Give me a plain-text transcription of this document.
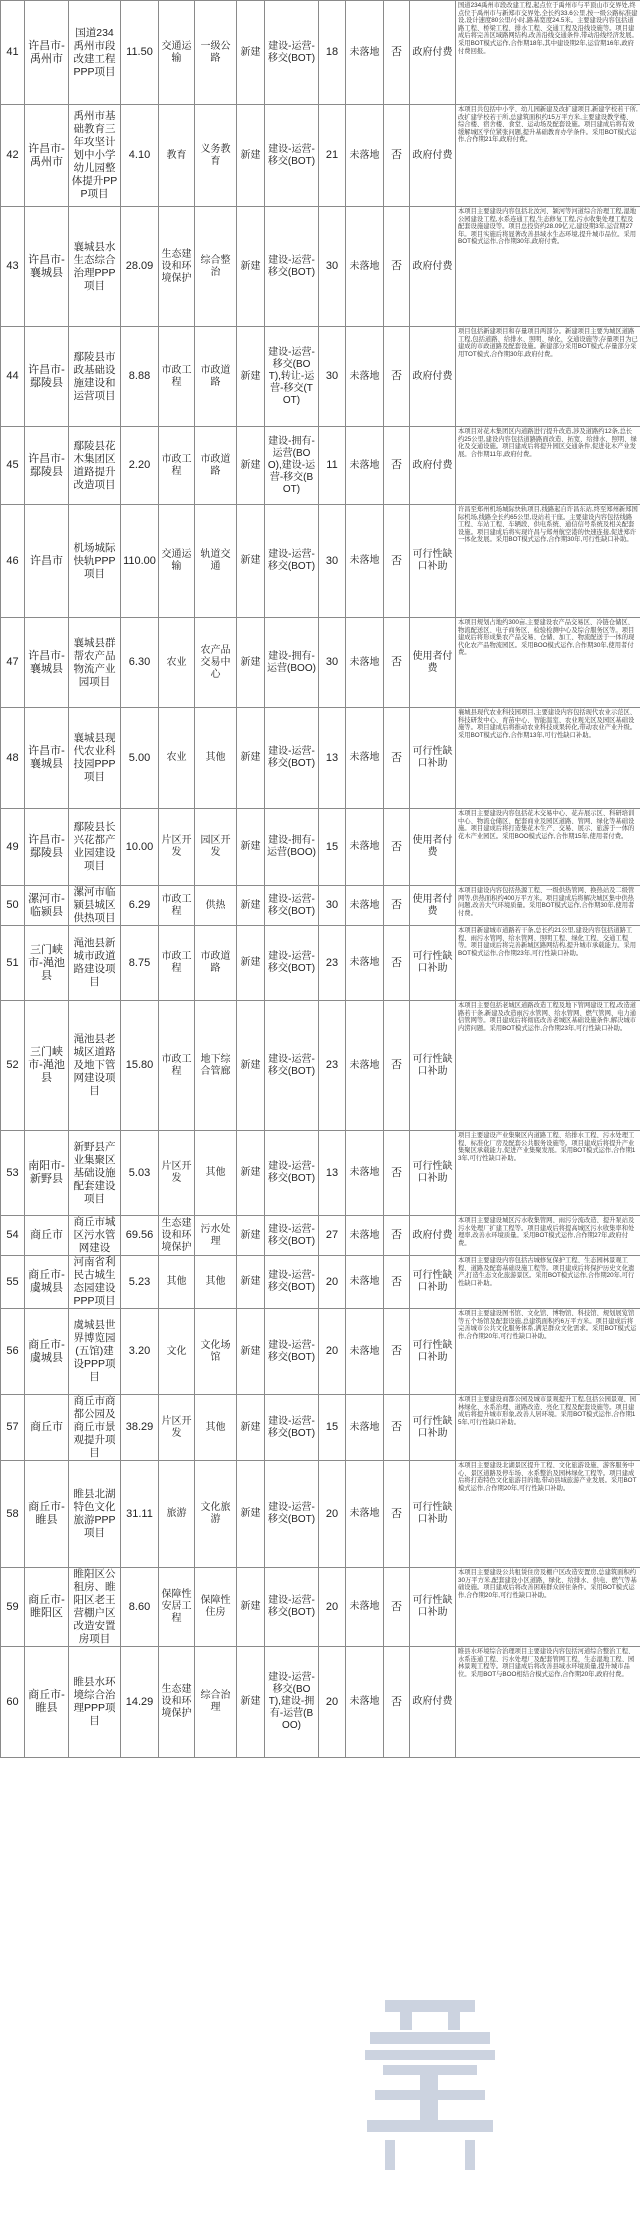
41	许昌市-禹州市	国道234禹州市段改建工程PPP项目	11.50	交通运输	一级公路	新建	建设-运营-移交(BOT)	18	未落地	否	政府付费	国道234禹州市段改建工程,起点位于禹州市与平顶山市交界处,终点位于禹州市与新郑市交界处,全长约33.6公里,按一级公路标准建设,设计速度80公里/小时,路基宽度24.5米。主要建设内容包括道路工程、桥梁工程、排水工程、交通工程及沿线设施等。项目建成后将完善区域路网结构,改善沿线交通条件,带动沿线经济发展。采用BOT模式运作,合作期18年,其中建设期2年,运营期16年,政府付费回报。
42	许昌市-禹州市	禹州市基础教育三年攻坚计划中小学幼儿园整体提升PPP项目	4.10	教育	义务教育	新建	建设-运营-移交(BOT)	21	未落地	否	政府付费	本项目共包括中小学、幼儿园新建及改扩建项目,新建学校若干所,改扩建学校若干所,总建筑面积约15万平方米,主要建设教学楼、综合楼、宿舍楼、食堂、运动场及配套设施。项目建成后将有效缓解城区学位紧张问题,提升基础教育办学条件。采用BOT模式运作,合作期21年,政府付费。
43	许昌市-襄城县	襄城县水生态综合治理PPP项目	28.09	生态建设和环境保护	综合整治	新建	建设-运营-移交(BOT)	30	未落地	否	政府付费	本项目主要建设内容包括北汝河、颍河等河道综合治理工程,湿地公园建设工程,水系连通工程,生态修复工程,污水收集处理工程及配套设施建设等。项目总投资约28.09亿元,建设期3年,运营期27年。项目实施后将显著改善县域水生态环境,提升城市品位。采用BOT模式运作,合作期30年,政府付费。
44	许昌市-鄢陵县	鄢陵县市政基础设施建设和运营项目	8.88	市政工程	市政道路	新建	建设-运营-移交(BOT),转让-运营-移交(TOT)	30	未落地	否	政府付费	项目包括新建项目和存量项目两部分。新建项目主要为城区道路工程,包括道路、给排水、照明、绿化、交通设施等;存量项目为已建成的市政道路及配套设施。新建部分采用BOT模式,存量部分采用TOT模式,合作期30年,政府付费。
45	许昌市-鄢陵县	鄢陵县花木集团区道路提升改造项目	2.20	市政工程	市政道路	新建	建设-拥有-运营(BOO),建设-运营-移交(BOT)	11	未落地	否	政府付费	本项目对花木集团区内道路进行提升改造,涉及道路约12条,总长约25公里,建设内容包括道路路面改造、拓宽、给排水、照明、绿化及交通设施。项目建成后将提升园区交通条件,促进花木产业发展。合作期11年,政府付费。
46	许昌市	机场城际快轨PPP项目	110.00	交通运输	轨道交通	新建	建设-运营-移交(BOT)	30	未落地	否	可行性缺口补助	许昌至郑州机场城际快轨项目,线路起自许昌东站,终至郑州新郑国际机场,线路全长约65公里,设站若干座。主要建设内容包括线路工程、车站工程、车辆段、供电系统、通信信号系统及相关配套设施。项目建成后将实现许昌与郑州航空港的快速连接,促进郑许一体化发展。采用BOT模式运作,合作期30年,可行性缺口补助。
47	许昌市-襄城县	襄城县群帮农产品物流产业园项目	6.30	农业	农产品交易中心	新建	建设-拥有-运营(BOO)	30	未落地	否	使用者付费	本项目规划占地约300亩,主要建设农产品交易区、冷链仓储区、物流配送区、电子商务区、检验检测中心及综合服务区等。项目建成后将形成集农产品交易、仓储、加工、物流配送于一体的现代化农产品物流园区。采用BOO模式运作,合作期30年,使用者付费。
48	许昌市-襄城县	襄城县现代农业科技园PPP项目	5.00	农业	其他	新建	建设-运营-移交(BOT)	13	未落地	否	可行性缺口补助	襄城县现代农业科技园项目,主要建设内容包括现代农业示范区、科技研发中心、育苗中心、智能温室、农业观光区及园区基础设施等。项目建成后将推动农业科技成果转化,带动农业产业升级。采用BOT模式运作,合作期13年,可行性缺口补助。
49	许昌市-鄢陵县	鄢陵县长兴花都产业园建设项目	10.00	片区开发	园区开发	新建	建设-拥有-运营(BOO)	15	未落地	否	使用者付费	本项目主要建设内容包括花木交易中心、花卉展示区、科研培训中心、物流仓储区、配套商业及园区道路、管网、绿化等基础设施。项目建成后将打造集花木生产、交易、展示、旅游于一体的花木产业园区。采用BOO模式运作,合作期15年,使用者付费。
50	漯河市-临颍县	漯河市临颍县城区供热项目	6.29	市政工程	供热	新建	建设-运营-移交(BOT)	30	未落地	否	使用者付费	本项目建设内容包括热源工程、一级供热管网、换热站及二级管网等,供热面积约400万平方米。项目建成后将解决城区集中供热问题,改善大气环境质量。采用BOT模式运作,合作期30年,使用者付费。
51	三门峡市-渑池县	渑池县新城市政道路建设项目	8.75	市政工程	市政道路	新建	建设-运营-移交(BOT)	23	未落地	否	可行性缺口补助	本项目新建城市道路若干条,总长约21公里,建设内容包括道路工程、雨污水管网、给水管网、照明工程、绿化工程、交通工程等。项目建成后将完善新城区路网结构,提升城市承载能力。采用BOT模式运作,合作期23年,可行性缺口补助。
52	三门峡市-渑池县	渑池县老城区道路及地下管网建设项目	15.80	市政工程	地下综合管廊	新建	建设-运营-移交(BOT)	23	未落地	否	可行性缺口补助	本项目主要包括老城区道路改造工程及地下管网建设工程,改造道路若干条,新建及改造雨污水管网、给水管网、燃气管网、电力通信管网等。项目建成后将彻底改善老城区基础设施条件,解决城市内涝问题。采用BOT模式运作,合作期23年,可行性缺口补助。
53	南阳市-新野县	新野县产业集聚区基础设施配套建设项目	5.03	片区开发	其他	新建	建设-运营-移交(BOT)	13	未落地	否	可行性缺口补助	项目主要建设产业集聚区内道路工程、给排水工程、污水处理工程、标准化厂房及配套公共服务设施等。项目建成后将提升产业集聚区承载能力,促进产业集聚发展。采用BOT模式运作,合作期13年,可行性缺口补助。
54	商丘市	商丘市城区污水管网建设	69.56	生态建设和环境保护	污水处理	新建	建设-运营-移交(BOT)	27	未落地	否	政府付费	本项目主要建设城区污水收集管网、雨污分流改造、提升泵站及污水处理厂扩建工程等。项目建成后将提高城区污水收集率和处理率,改善水环境质量。采用BOT模式运作,合作期27年,政府付费。
55	商丘市-虞城县	河南省利民古城生态园建设PPP项目	5.23	其他	其他	新建	建设-运营-移交(BOT)	20	未落地	否	可行性缺口补助	本项目主要建设内容包括古城修复保护工程、生态园林景观工程、道路及配套基础设施工程等。项目建成后将保护历史文化遗产,打造生态文化旅游景区。采用BOT模式运作,合作期20年,可行性缺口补助。
56	商丘市-虞城县	虞城县世界博览园(五馆)建设PPP项目	3.20	文化	文化场馆	新建	建设-运营-移交(BOT)	20	未落地	否	可行性缺口补助	本项目主要建设图书馆、文化馆、博物馆、科技馆、规划展览馆等五个场馆及配套设施,总建筑面积约6万平方米。项目建成后将完善城市公共文化服务体系,满足群众文化需求。采用BOT模式运作,合作期20年,可行性缺口补助。
57	商丘市	商丘市商都公园及商丘市景观提升项目	38.29	片区开发	其他	新建	建设-运营-移交(BOT)	15	未落地	否	可行性缺口补助	本项目主要建设商都公园及城市景观提升工程,包括公园景观、园林绿化、水系治理、道路改造、亮化工程及配套设施等。项目建成后将提升城市形象,改善人居环境。采用BOT模式运作,合作期15年,可行性缺口补助。
58	商丘市-睢县	睢县北湖特色文化旅游PPP项目	31.11	旅游	文化旅游	新建	建设-运营-移交(BOT)	20	未落地	否	可行性缺口补助	本项目主要建设北湖景区提升工程、文化旅游设施、游客服务中心、景区道路及停车场、水系整治及园林绿化工程等。项目建成后将打造特色文化旅游目的地,带动县域旅游产业发展。采用BOT模式运作,合作期20年,可行性缺口补助。
59	商丘市-睢阳区	睢阳区公租房、睢阳区老王营棚户区改造安置房项目	8.60	保障性安居工程	保障性住房	新建	建设-运营-移交(BOT)	20	未落地	否	可行性缺口补助	本项目主要建设公共租赁住房及棚户区改造安置房,总建筑面积约30万平方米,配套建设小区道路、绿化、给排水、供电、燃气等基础设施。项目建成后将改善困难群众居住条件。采用BOT模式运作,合作期20年,可行性缺口补助。
60	商丘市-睢县	睢县水环境综合治理PPP项目	14.29	生态建设和环境保护	综合治理	新建	建设-运营-移交(BOT),建设-拥有-运营(BOO)	20	未落地	否	政府付费	睢县水环境综合治理项目主要建设内容包括河道综合整治工程、水系连通工程、污水处理厂及配套管网工程、生态湿地工程、园林景观工程等。项目建成后将改善县域水环境质量,提升城市品位。采用BOT与BOO相结合模式运作,合作期20年,政府付费。
